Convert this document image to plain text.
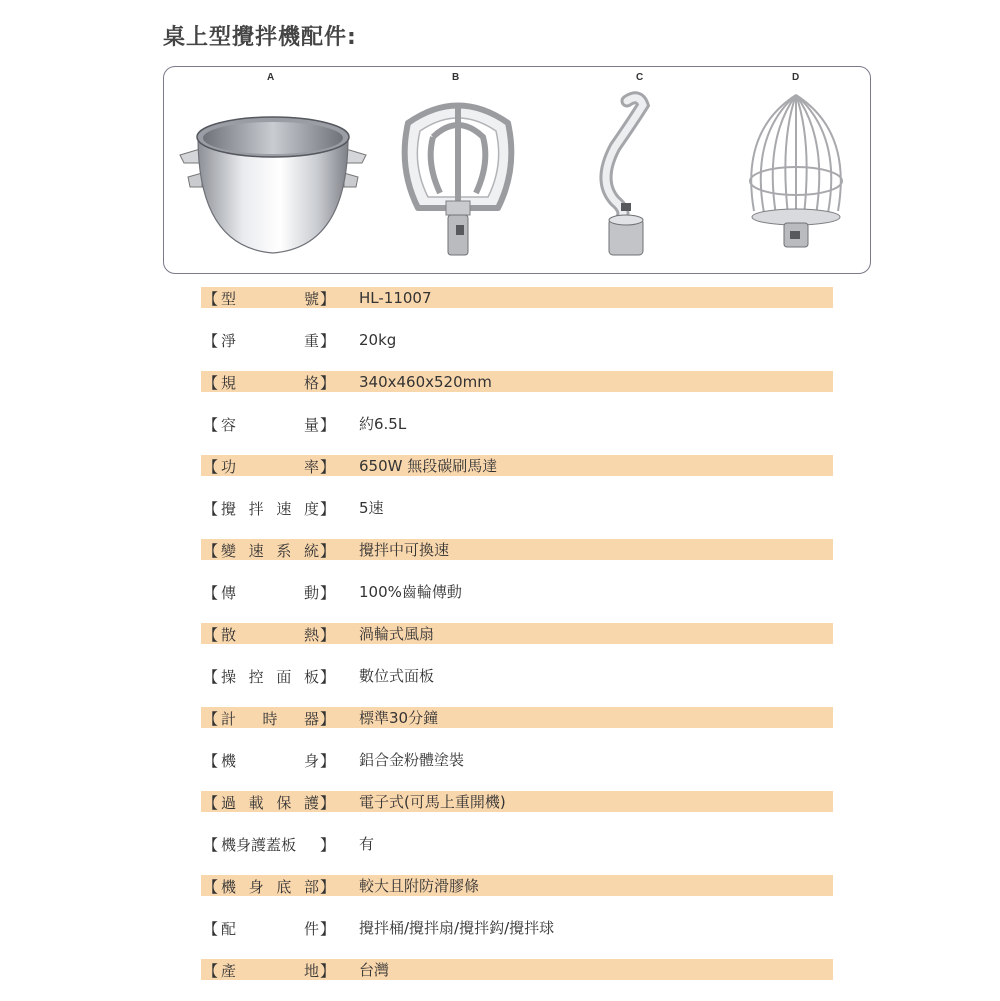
桌上型攪拌機配件:
A	B	C	D
【 型	號 】	HL-11007
【 淨	重 】	20kg
【 規	格 】	340x460x520mm
【 容	量 】	約6.5L
【 功	率 】	650W 無段碳刷馬達
【 攪 拌 速 度 】	5速
【 變 速 系 統 】	攪拌中可換速
【 傳	動 】	100%齒輪傳動
【 散	熱 】	渦輪式風扇
【 操 控 面 板 】	數位式面板
【 計 時 器 】	標準30分鐘
【 機	身 】	鋁合金粉體塗裝
【 過 載 保 護 】	電子式(可馬上重開機)
【 機 身 護 蓋 板 】	有
【 機 身 底 部 】	較大且附防滑膠條
【 配	件 】	攪拌桶/攪拌扇/攪拌鈎/攪拌球
【 產	地 】	台灣
